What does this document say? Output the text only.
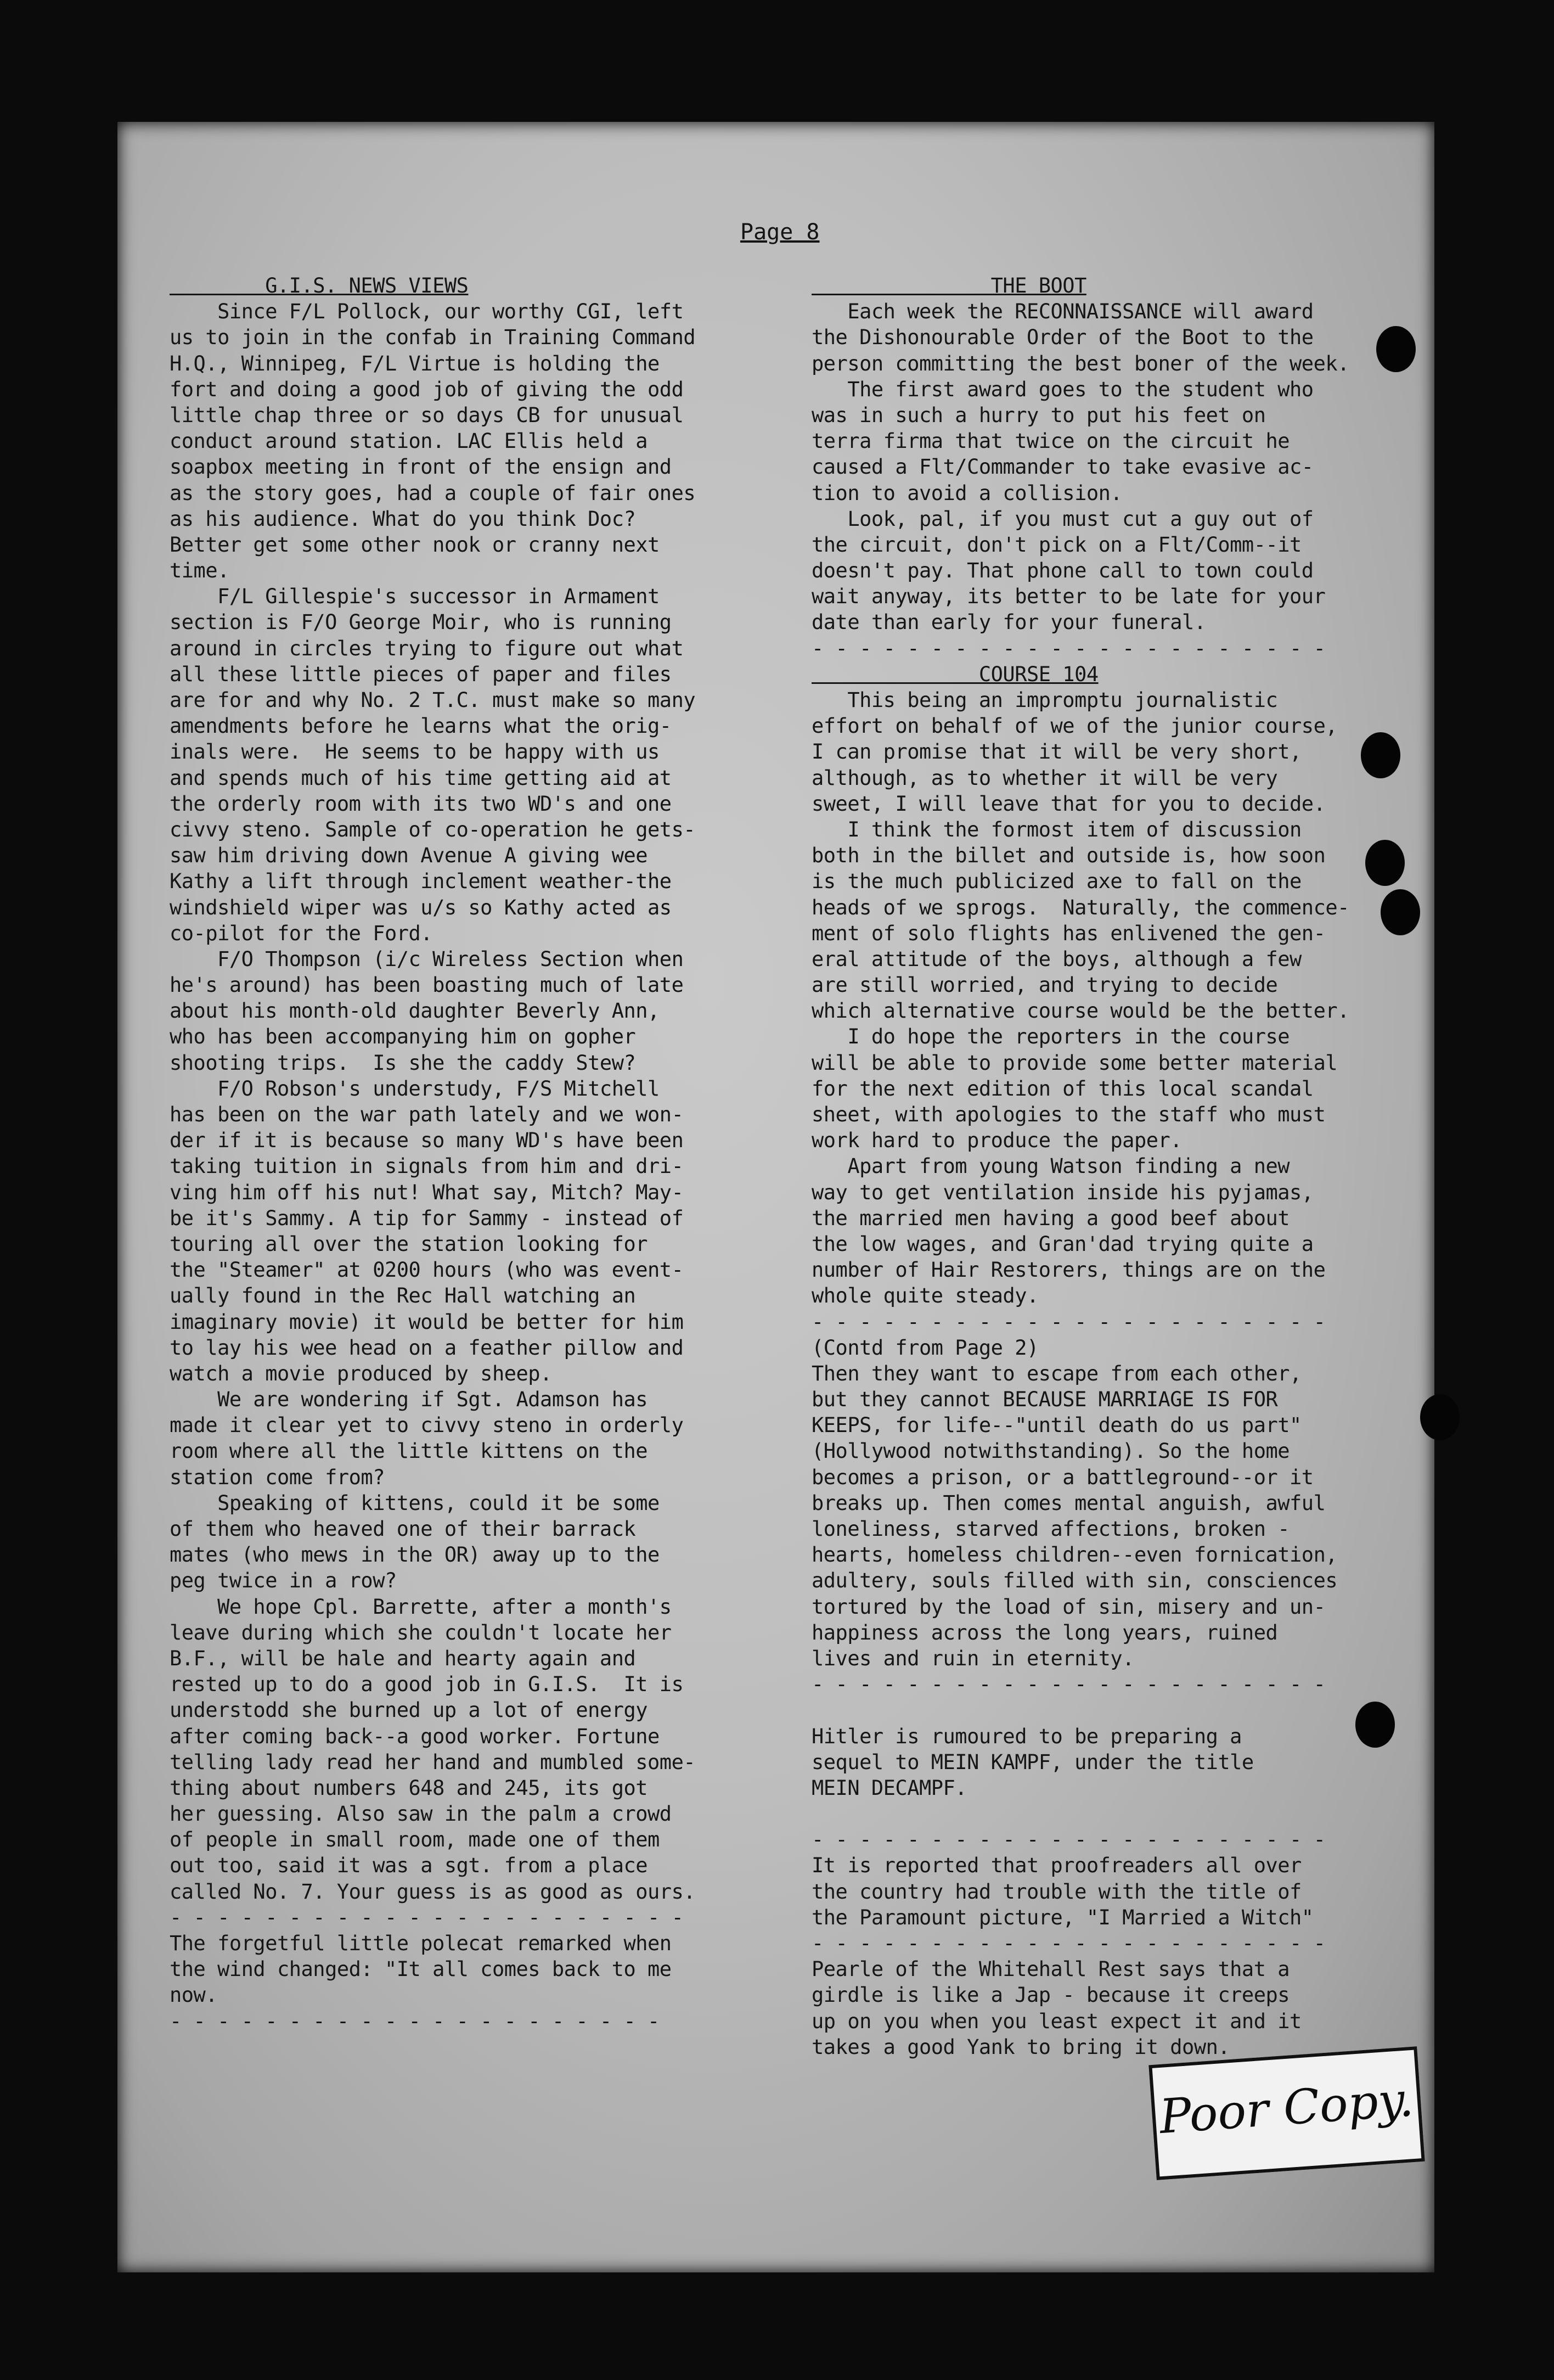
Page 8
G.I.S. NEWS VIEWS
Since F/L Pollock, our worthy CGI, left
us to join in the confab in Training Command
H.Q., Winnipeg, F/L Virtue is holding the
fort and doing a good job of giving the odd
little chap three or so days CB for unusual
conduct around station. LAC Ellis held a
soapbox meeting in front of the ensign and
as the story goes, had a couple of fair ones
as his audience. What do you think Doc?
Better get some other nook or cranny next
time.
F/L Gillespie's successor in Armament
section is F/O George Moir, who is running
around in circles trying to figure out what
all these little pieces of paper and files
are for and why No. 2 T.C. must make so many
amendments before he learns what the orig-
inals were.  He seems to be happy with us
and spends much of his time getting aid at
the orderly room with its two WD's and one
civvy steno. Sample of co-operation he gets-
saw him driving down Avenue A giving wee
Kathy a lift through inclement weather-the
windshield wiper was u/s so Kathy acted as
co-pilot for the Ford.
F/O Thompson (i/c Wireless Section when
he's around) has been boasting much of late
about his month-old daughter Beverly Ann,
who has been accompanying him on gopher
shooting trips.  Is she the caddy Stew?
F/O Robson's understudy, F/S Mitchell
has been on the war path lately and we won-
der if it is because so many WD's have been
taking tuition in signals from him and dri-
ving him off his nut! What say, Mitch? May-
be it's Sammy. A tip for Sammy - instead of
touring all over the station looking for
the "Steamer" at 0200 hours (who was event-
ually found in the Rec Hall watching an
imaginary movie) it would be better for him
to lay his wee head on a feather pillow and
watch a movie produced by sheep.
We are wondering if Sgt. Adamson has
made it clear yet to civvy steno in orderly
room where all the little kittens on the
station come from?
Speaking of kittens, could it be some
of them who heaved one of their barrack
mates (who mews in the OR) away up to the
peg twice in a row?
We hope Cpl. Barrette, after a month's
leave during which she couldn't locate her
B.F., will be hale and hearty again and
rested up to do a good job in G.I.S.  It is
understodd she burned up a lot of energy
after coming back--a good worker. Fortune
telling lady read her hand and mumbled some-
thing about numbers 648 and 245, its got
her guessing. Also saw in the palm a crowd
of people in small room, made one of them
out too, said it was a sgt. from a place
called No. 7. Your guess is as good as ours.
- - - - - - - - - - - - - - - - - - - - - -
The forgetful little polecat remarked when
the wind changed: "It all comes back to me
now.
- - - - - - - - - - - - - - - - - - - - -
THE BOOT
Each week the RECONNAISSANCE will award
the Dishonourable Order of the Boot to the
person committing the best boner of the week.
The first award goes to the student who
was in such a hurry to put his feet on
terra firma that twice on the circuit he
caused a Flt/Commander to take evasive ac-
tion to avoid a collision.
Look, pal, if you must cut a guy out of
the circuit, don't pick on a Flt/Comm--it
doesn't pay. That phone call to town could
wait anyway, its better to be late for your
date than early for your funeral.
- - - - - - - - - - - - - - - - - - - - - -
COURSE 104
This being an impromptu journalistic
effort on behalf of we of the junior course,
I can promise that it will be very short,
although, as to whether it will be very
sweet, I will leave that for you to decide.
I think the formost item of discussion
both in the billet and outside is, how soon
is the much publicized axe to fall on the
heads of we sprogs.  Naturally, the commence-
ment of solo flights has enlivened the gen-
eral attitude of the boys, although a few
are still worried, and trying to decide
which alternative course would be the better.
I do hope the reporters in the course
will be able to provide some better material
for the next edition of this local scandal
sheet, with apologies to the staff who must
work hard to produce the paper.
Apart from young Watson finding a new
way to get ventilation inside his pyjamas,
the married men having a good beef about
the low wages, and Gran'dad trying quite a
number of Hair Restorers, things are on the
whole quite steady.
- - - - - - - - - - - - - - - - - - - - - -
(Contd from Page 2)
Then they want to escape from each other,
but they cannot BECAUSE MARRIAGE IS FOR
KEEPS, for life--"until death do us part"
(Hollywood notwithstanding). So the home
becomes a prison, or a battleground--or it
breaks up. Then comes mental anguish, awful
loneliness, starved affections, broken -
hearts, homeless children--even fornication,
adultery, souls filled with sin, consciences
tortured by the load of sin, misery and un-
happiness across the long years, ruined
lives and ruin in eternity.
- - - - - - - - - - - - - - - - - - - - - -
Hitler is rumoured to be preparing a
sequel to MEIN KAMPF, under the title
MEIN DECAMPF.
- - - - - - - - - - - - - - - - - - - - - -
It is reported that proofreaders all over
the country had trouble with the title of
the Paramount picture, "I Married a Witch"
- - - - - - - - - - - - - - - - - - - - - -
Pearle of the Whitehall Rest says that a
girdle is like a Jap - because it creeps
up on you when you least expect it and it
takes a good Yank to bring it down.
Poor Copy.
